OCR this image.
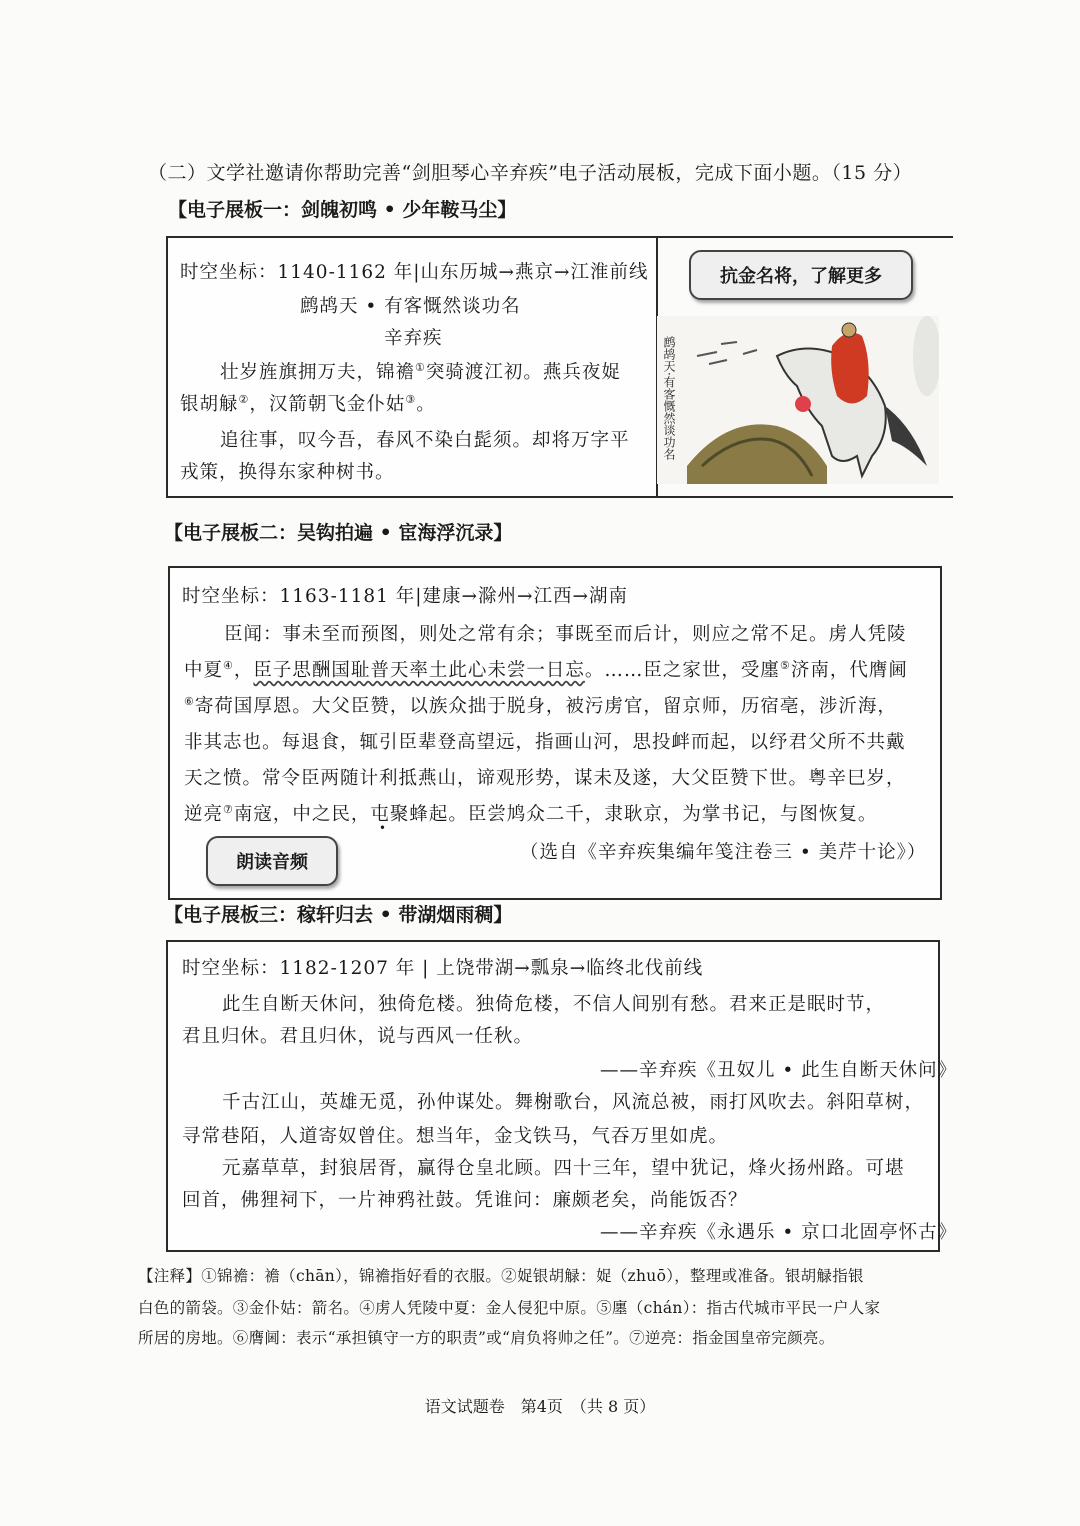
（二）文学社邀请你帮助完善“剑胆琴心辛弃疾”电子活动展板，完成下面小题。（15 分）
【电子展板一：剑魄初鸣 • 少年鞍马尘】
时空坐标：1140-1162 年|山东历城→燕京→江淮前线
鹧鸪天 • 有客慨然谈功名
辛弃疾
壮岁旌旗拥万夫，锦襜①突骑渡江初。燕兵夜娖
银胡觮②，汉箭朝飞金仆姑③。
追往事，叹今吾，春风不染白髭须。却将万字平
戎策，换得东家种树书。
抗金名将，了解更多
鹧鸪天·有客慨然谈功名
【电子展板二：吴钩拍遍 • 宦海浮沉录】
时空坐标：1163-1181 年|建康→滁州→江西→湖南
臣闻：事未至而预图，则处之常有余；事既至而后计，则应之常不足。虏人凭陵
中夏④，臣子思酬国耻普天率土此心未尝一日忘。……臣之家世，受廛⑤济南，代膺阃
⑥寄荷国厚恩。大父臣赞，以族众拙于脱身，被污虏官，留京师，历宿亳，涉沂海，
非其志也。每退食，辄引臣辈登高望远，指画山河，思投衅而起，以纾君父所不共戴
天之愤。常令臣两随计利抵燕山，谛观形势，谋未及遂，大父臣赞下世。粤辛巳岁，
逆亮⑦南寇，中之民，屯聚蜂起。臣尝鸠众二千，隶耿京，为掌书记，与图恢复。
（选自《辛弃疾集编年笺注卷三 • 美芹十论》）
朗读音频
【电子展板三：稼轩归去 • 带湖烟雨稠】
时空坐标：1182-1207 年 | 上饶带湖→瓢泉→临终北伐前线
此生自断天休问，独倚危楼。独倚危楼，不信人间别有愁。君来正是眠时节，
君且归休。君且归休，说与西风一任秋。
——辛弃疾《丑奴儿 • 此生自断天休问》
千古江山，英雄无觅，孙仲谋处。舞榭歌台，风流总被，雨打风吹去。斜阳草树，
寻常巷陌，人道寄奴曾住。想当年，金戈铁马，气吞万里如虎。
元嘉草草，封狼居胥，赢得仓皇北顾。四十三年，望中犹记，烽火扬州路。可堪
回首，佛狸祠下，一片神鸦社鼓。凭谁问：廉颇老矣，尚能饭否？
——辛弃疾《永遇乐 • 京口北固亭怀古》
【注释】①锦襜：襜（chān），锦襜指好看的衣服。②娖银胡觮：娖（zhuō），整理或准备。银胡觮指银
白色的箭袋。③金仆姑：箭名。④虏人凭陵中夏：金人侵犯中原。⑤廛（chán）：指古代城市平民一户人家
所居的房地。⑥膺阃：表示“承担镇守一方的职责”或“肩负将帅之任”。⑦逆亮：指金国皇帝完颜亮。
语文试题卷　第4页　（共 8 页）
